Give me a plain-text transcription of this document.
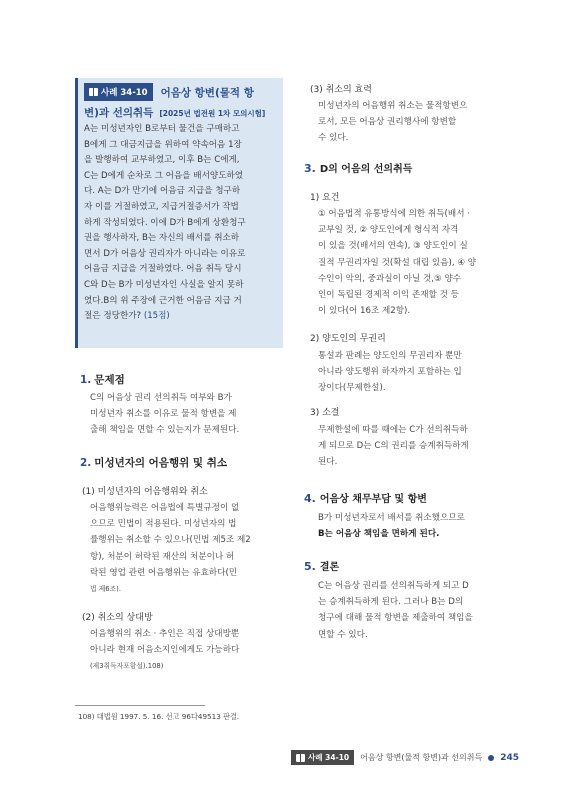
사례 34-10 어음상 항변(물적 항
변)과 선의취득 [2025년 법전원 1차 모의시험]
A는 미성년자인 B로부터 물건을 구매하고
B에게 그 대금지급을 위하여 약속어음 1장
을 발행하여 교부하였고, 이후 B는 C에게,
C는 D에게 순차로 그 어음을 배서양도하였
다. A는 D가 만기에 어음금 지급을 청구하
자 이를 거절하였고, 지급거절증서가 작법
하게 작성되었다. 이에 D가 B에게 상환청구
권을 행사하자, B는 자신의 배서를 취소하
면서 D가 어음상 권리자가 아니라는 이유로
어음금 지급을 거절하였다. 어음 취득 당시
C와 D는 B가 미성년자인 사실을 알지 못하
였다.B의 위 주장에 근거한 어음금 지급 거
절은 정당한가? (15점)
1. 문제점
C의 어음상 권리 선의취득 여부와 B가
미성년자 취소를 이유로 물적 항변을 제
출해 책임을 면할 수 있는지가 문제된다.
2. 미성년자의 어음행위 및 취소
(1) 미성년자의 어음행위와 취소
어음행위능력은 어음법에 특별규정이 없
으므로 민법이 적용된다. 미성년자의 법
률행위는 취소할 수 있으나(민법 제5조 제2
항), 처분이 허락된 재산의 처분이나 허
락된 영업 관련 어음행위는 유효하다(민
법 제6조).
(2) 취소의 상대방
어음행위의 취소 · 추인은 직접 상대방뿐
아니라 현재 어음소지인에게도 가능하다
(제3취득자포함설).108)
108) 대법원 1997. 5. 16. 선고 96다49513 판결.
(3) 취소의 효력
미성년자의 어음행위 취소는 물적항변으
로서, 모든 어음상 권리행사에 항변할
수 있다.
3. D의 어음의 선의취득
1) 요건
① 어음법적 유통방식에 의한 취득(배서 ·
교부일 것, ② 양도인에게 형식적 자격
이 있을 것(배서의 연속), ③ 양도인이 실
질적 무권리자일 것(확설 대립 있음), ④ 양
수인이 악의, 중과실이 아닐 것,⑤ 양수
인이 독립된 경제적 이익 존재할 것 등
이 있다(어 16조 제2항).
2) 양도인의 무권리
통설과 판례는 양도인의 무권리자 뿐만
아니라 양도행위 하자까지 포함하는 입
장이다(무제한설).
3) 소결
무제한설에 따를 때에는 C가 선의취득하
게 되므로 D는 C의 권리를 승계취득하게
된다.
4. 어음상 채무부담 및 항변
B가 미성년자로서 배서를 취소했으므로
B는 어음상 책임을 면하게 된다.
5. 결론
C는 어음상 권리를 선의취득하게 되고 D
는 승계취득하게 된다. 그러나 B는 D의
청구에 대해 물적 항변을 제출하여 책임을
면할 수 있다.
사례 34-10 어음상 항변(물적 항변)과 선의취득 245
